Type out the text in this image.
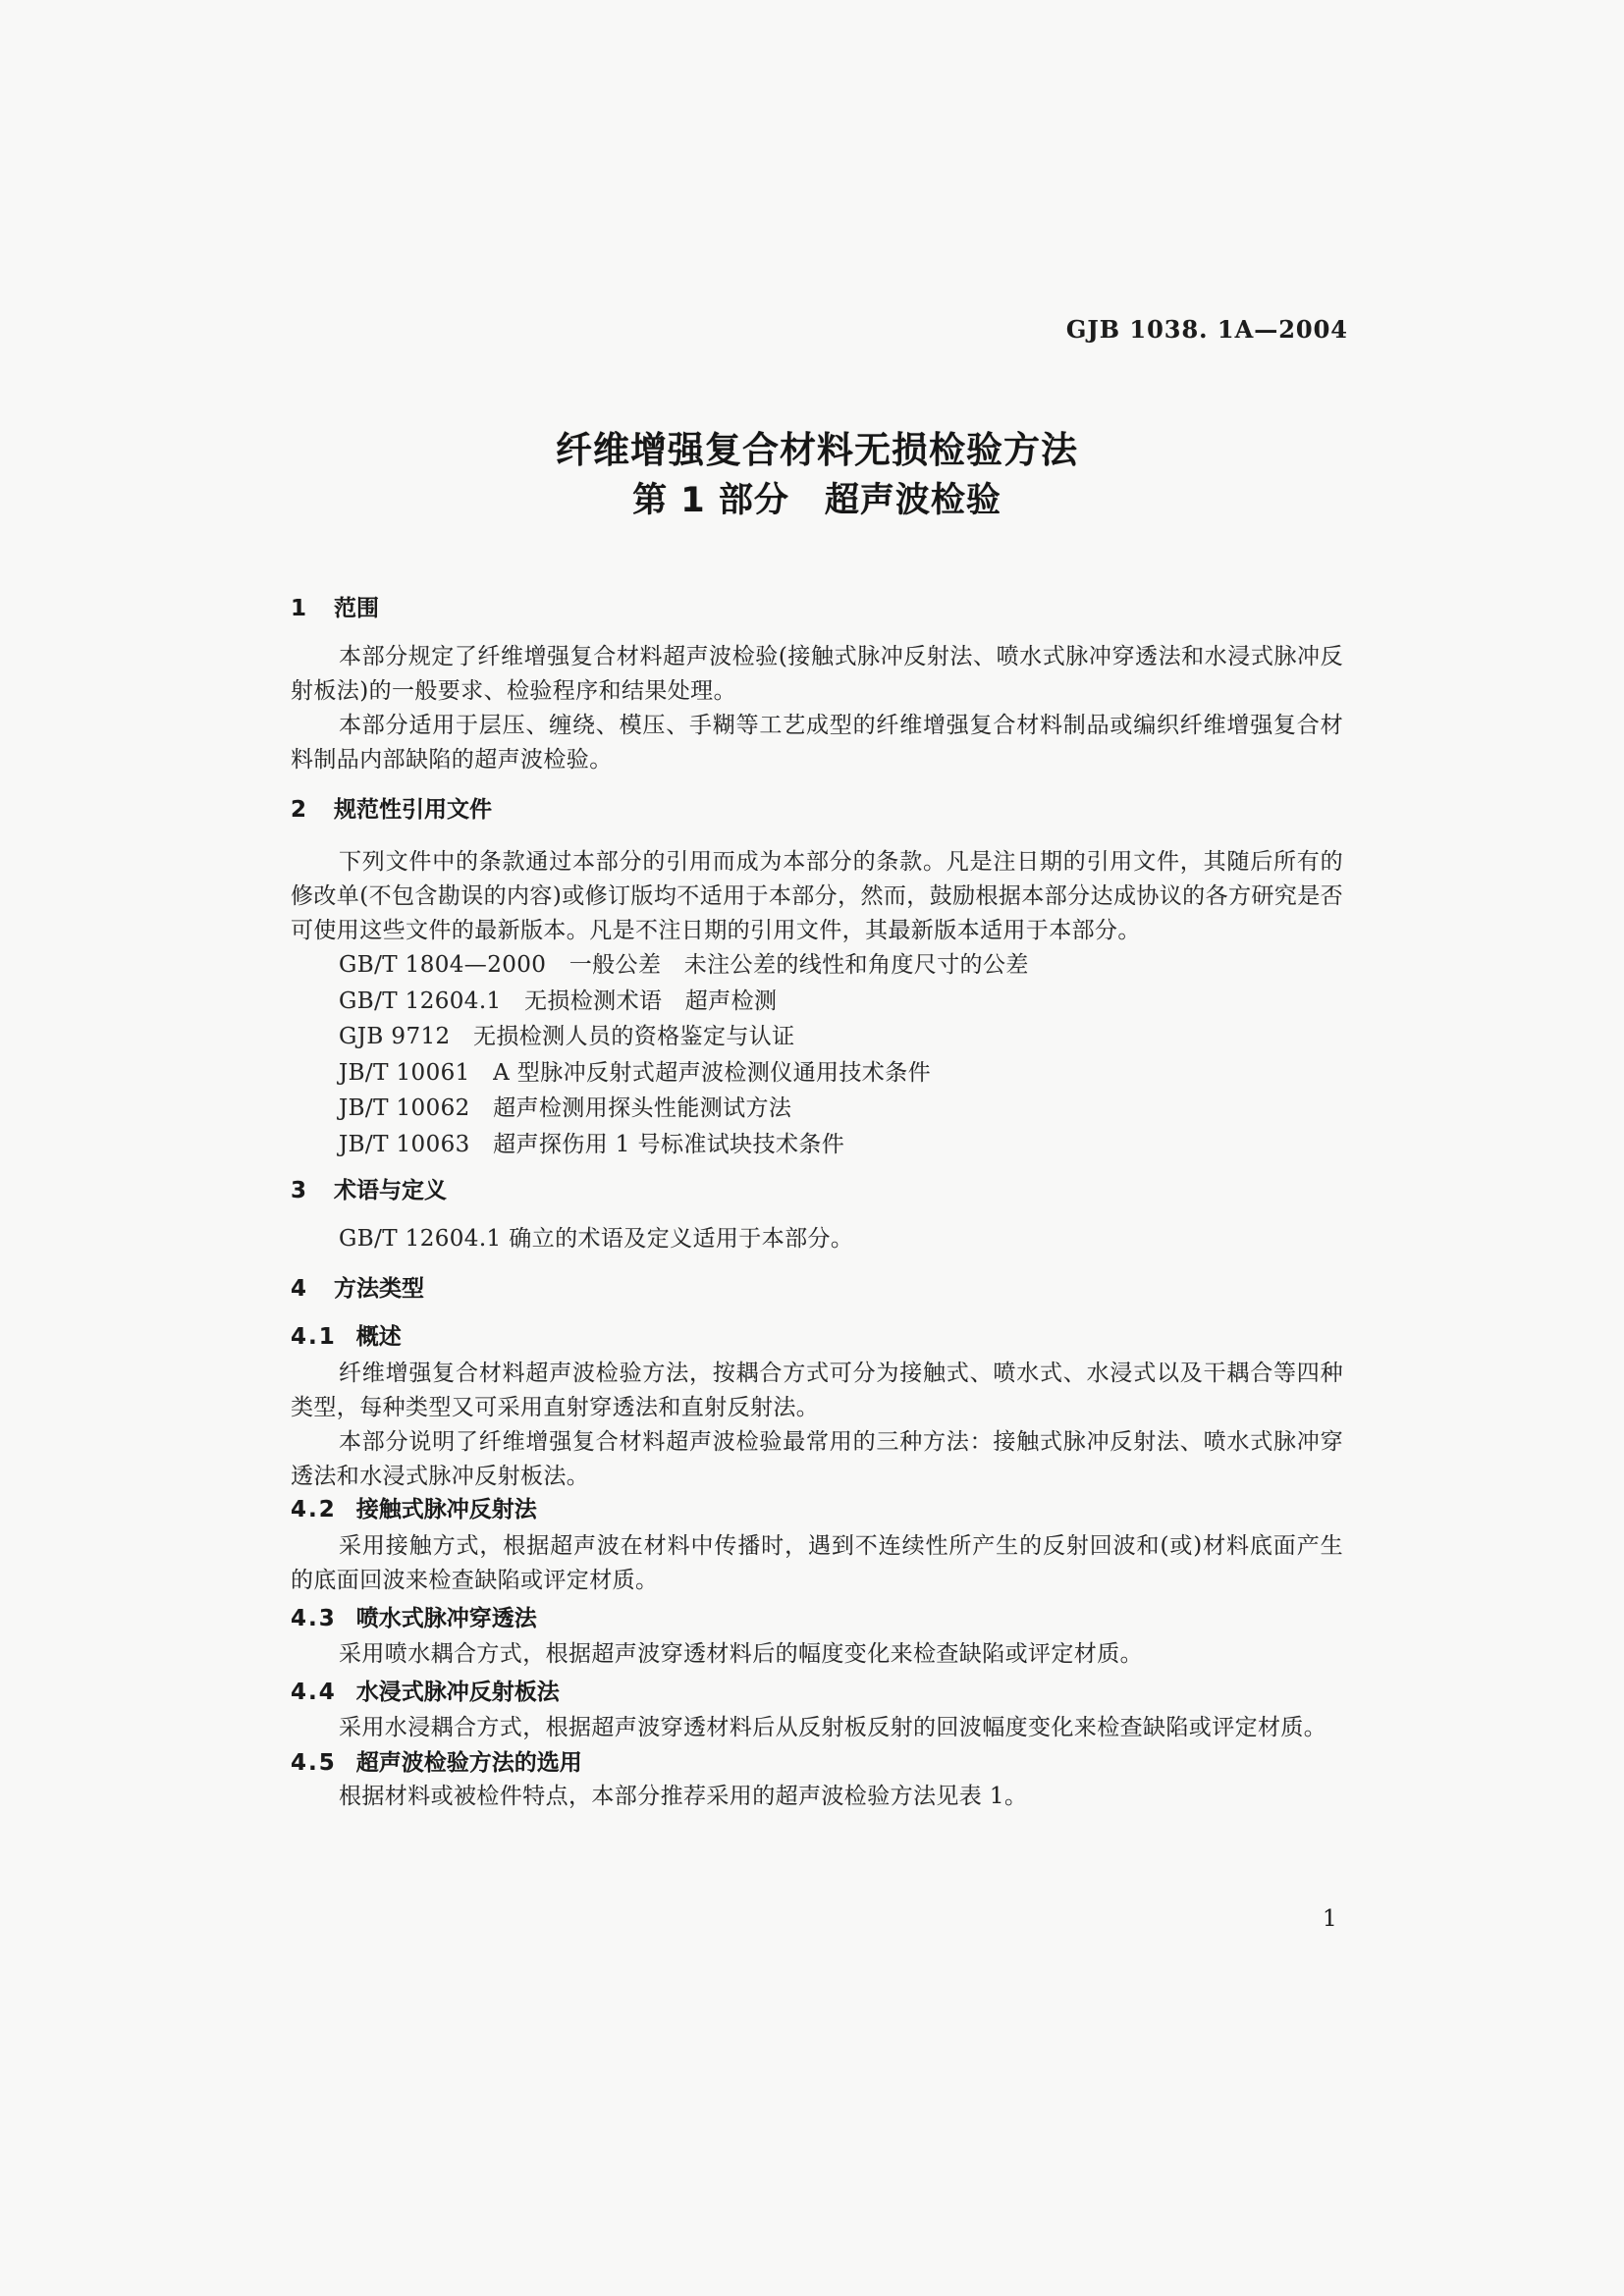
GJB 1038. 1A—2004
纤维增强复合材料无损检验方法
第 1 部分　超声波检验
1 范围

本部分规定了纤维增强复合材料超声波检验(接触式脉冲反射法、喷水式脉冲穿透法和水浸式脉冲反射板法)的一般要求、检验程序和结果处理。

本部分适用于层压、缠绕、模压、手糊等工艺成型的纤维增强复合材料制品或编织纤维增强复合材料制品内部缺陷的超声波检验。

2 规范性引用文件

下列文件中的条款通过本部分的引用而成为本部分的条款。凡是注日期的引用文件，其随后所有的修改单(不包含勘误的内容)或修订版均不适用于本部分，然而，鼓励根据本部分达成协议的各方研究是否可使用这些文件的最新版本。凡是不注日期的引用文件，其最新版本适用于本部分。

GB/T 1804—2000　一般公差　未注公差的线性和角度尺寸的公差

GB/T 12604.1　无损检测术语　超声检测

GJB 9712　无损检测人员的资格鉴定与认证

JB/T 10061　A 型脉冲反射式超声波检测仪通用技术条件

JB/T 10062　超声检测用探头性能测试方法

JB/T 10063　超声探伤用 1 号标准试块技术条件

3 术语与定义

GB/T 12604.1 确立的术语及定义适用于本部分。

4 方法类型
4.1 概述

纤维增强复合材料超声波检验方法，按耦合方式可分为接触式、喷水式、水浸式以及干耦合等四种类型，每种类型又可采用直射穿透法和直射反射法。

本部分说明了纤维增强复合材料超声波检验最常用的三种方法：接触式脉冲反射法、喷水式脉冲穿透法和水浸式脉冲反射板法。

4.2 接触式脉冲反射法

采用接触方式，根据超声波在材料中传播时，遇到不连续性所产生的反射回波和(或)材料底面产生的底面回波来检查缺陷或评定材质。

4.3 喷水式脉冲穿透法

采用喷水耦合方式，根据超声波穿透材料后的幅度变化来检查缺陷或评定材质。

4.4 水浸式脉冲反射板法

采用水浸耦合方式，根据超声波穿透材料后从反射板反射的回波幅度变化来检查缺陷或评定材质。

4.5 超声波检验方法的选用

根据材料或被检件特点，本部分推荐采用的超声波检验方法见表 1。

1
